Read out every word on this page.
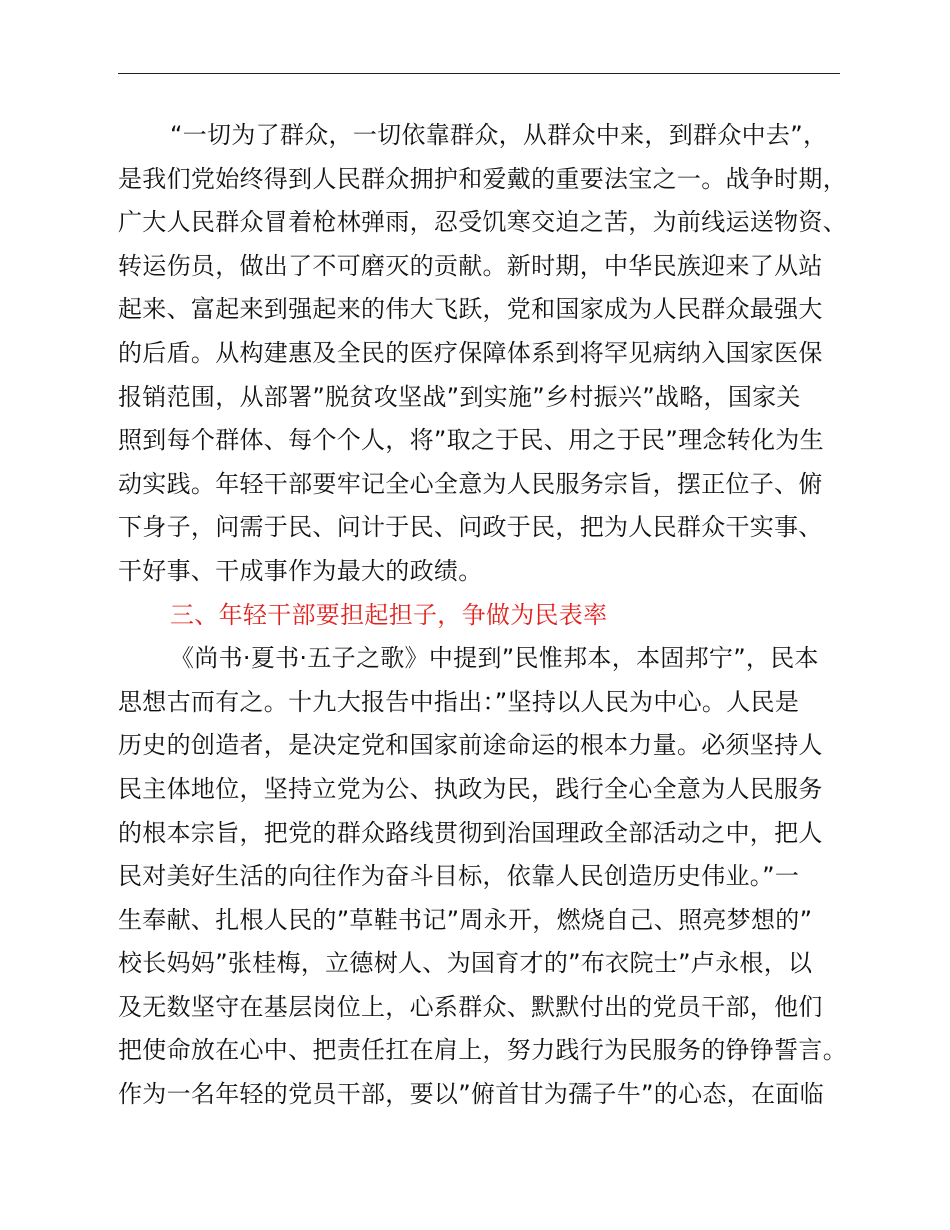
“一切为了群众，一切依靠群众，从群众中来，到群众中去”，
是我们党始终得到人民群众拥护和爱戴的重要法宝之一。战争时期，
广大人民群众冒着枪林弹雨，忍受饥寒交迫之苦，为前线运送物资、
转运伤员，做出了不可磨灭的贡献。新时期，中华民族迎来了从站
起来、富起来到强起来的伟大飞跃，党和国家成为人民群众最强大
的后盾。从构建惠及全民的医疗保障体系到将罕见病纳入国家医保
报销范围，从部署”脱贫攻坚战”到实施”乡村振兴”战略，国家关
照到每个群体、每个个人，将”取之于民、用之于民”理念转化为生
动实践。年轻干部要牢记全心全意为人民服务宗旨，摆正位子、俯
下身子，问需于民、问计于民、问政于民，把为人民群众干实事、
干好事、干成事作为最大的政绩。
三、年轻干部要担起担子，争做为民表率
《尚书·夏书·五子之歌》中提到”民惟邦本，本固邦宁”，民本
思想古而有之。十九大报告中指出：”坚持以人民为中心。人民是
历史的创造者，是决定党和国家前途命运的根本力量。必须坚持人
民主体地位，坚持立党为公、执政为民，践行全心全意为人民服务
的根本宗旨，把党的群众路线贯彻到治国理政全部活动之中，把人
民对美好生活的向往作为奋斗目标，依靠人民创造历史伟业。”一
生奉献、扎根人民的”草鞋书记”周永开，燃烧自己、照亮梦想的”
校长妈妈”张桂梅，立德树人、为国育才的”布衣院士”卢永根，以
及无数坚守在基层岗位上，心系群众、默默付出的党员干部，他们
把使命放在心中、把责任扛在肩上，努力践行为民服务的铮铮誓言。
作为一名年轻的党员干部，要以”俯首甘为孺子牛”的心态，在面临
